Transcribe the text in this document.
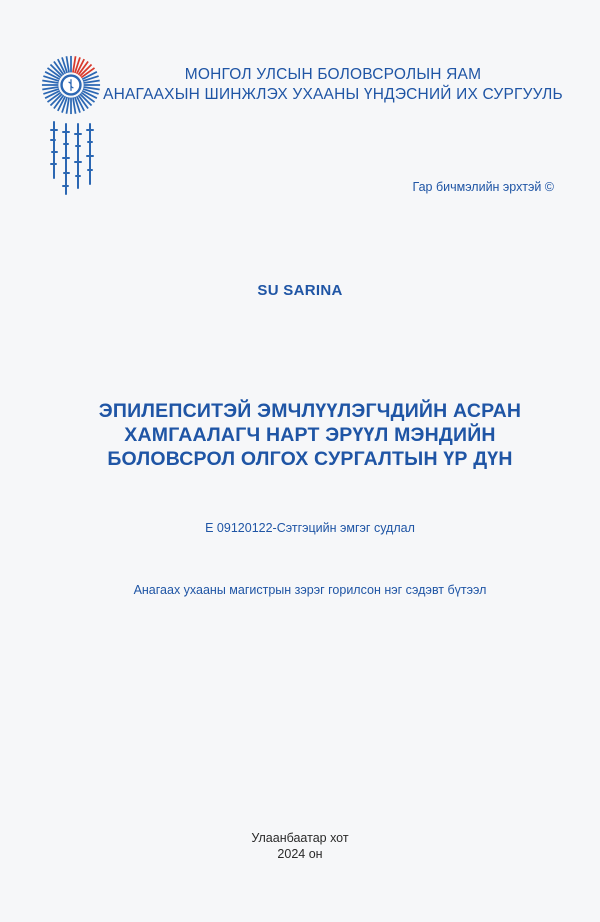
МОНГОЛ УЛСЫН БОЛОВСРОЛЫН ЯАМ
АНАГААХЫН ШИНЖЛЭХ УХААНЫ ҮНДЭСНИЙ ИХ СУРГУУЛЬ
Гар бичмэлийн эрхтэй ©
SU SARINA
ЭПИЛЕПСИТЭЙ ЭМЧЛҮҮЛЭГЧДИЙН АСРАН
ХАМГААЛАГЧ НАРТ ЭРҮҮЛ МЭНДИЙН
БОЛОВСРОЛ ОЛГОХ СУРГАЛТЫН ҮР ДҮН
Е 09120122-Сэтгэцийн эмгэг судлал
Анагаах ухааны магистрын зэрэг горилсон нэг сэдэвт бүтээл
Улаанбаатар хот
2024 он
